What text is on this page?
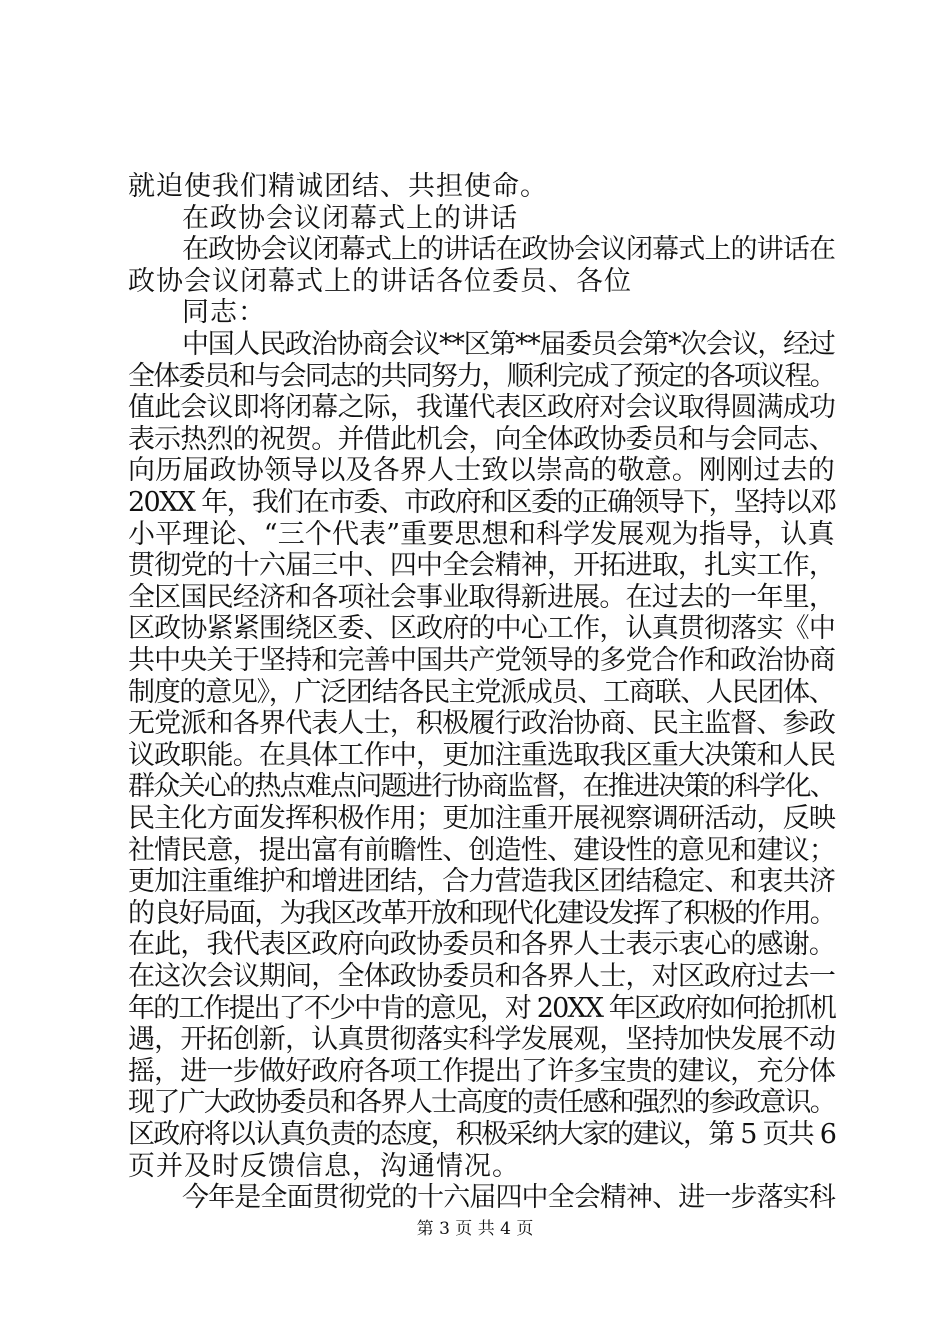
就迫使我们精诚团结、共担使命。
在政协会议闭幕式上的讲话
在政协会议闭幕式上的讲话在政协会议闭幕式上的讲话在
政协会议闭幕式上的讲话各位委员、各位
同志：
中国人民政治协商会议**区第**届委员会第*次会议，经过
全体委员和与会同志的共同努力，顺利完成了预定的各项议程。
值此会议即将闭幕之际，我谨代表区政府对会议取得圆满成功
表示热烈的祝贺。并借此机会，向全体政协委员和与会同志、
向历届政协领导以及各界人士致以崇高的敬意。刚刚过去的
20XX 年，我们在市委、市政府和区委的正确领导下，坚持以邓
小平理论、“三个代表”重要思想和科学发展观为指导，认真
贯彻党的十六届三中、四中全会精神，开拓进取，扎实工作，
全区国民经济和各项社会事业取得新进展。在过去的一年里，
区政协紧紧围绕区委、区政府的中心工作，认真贯彻落实《中
共中央关于坚持和完善中国共产党领导的多党合作和政治协商
制度的意见》，广泛团结各民主党派成员、工商联、人民团体、
无党派和各界代表人士，积极履行政治协商、民主监督、参政
议政职能。在具体工作中，更加注重选取我区重大决策和人民
群众关心的热点难点问题进行协商监督，在推进决策的科学化、
民主化方面发挥积极作用；更加注重开展视察调研活动，反映
社情民意，提出富有前瞻性、创造性、建设性的意见和建议；
更加注重维护和增进团结，合力营造我区团结稳定、和衷共济
的良好局面，为我区改革开放和现代化建设发挥了积极的作用。
在此，我代表区政府向政协委员和各界人士表示衷心的感谢。
在这次会议期间，全体政协委员和各界人士，对区政府过去一
年的工作提出了不少中肯的意见，对 20XX 年区政府如何抢抓机
遇，开拓创新，认真贯彻落实科学发展观，坚持加快发展不动
摇，进一步做好政府各项工作提出了许多宝贵的建议，充分体
现了广大政协委员和各界人士高度的责任感和强烈的参政意识。
区政府将以认真负责的态度，积极采纳大家的建议，第 5 页共 6
页并及时反馈信息，沟通情况。
今年是全面贯彻党的十六届四中全会精神、进一步落实科
第 3 页 共 4 页
